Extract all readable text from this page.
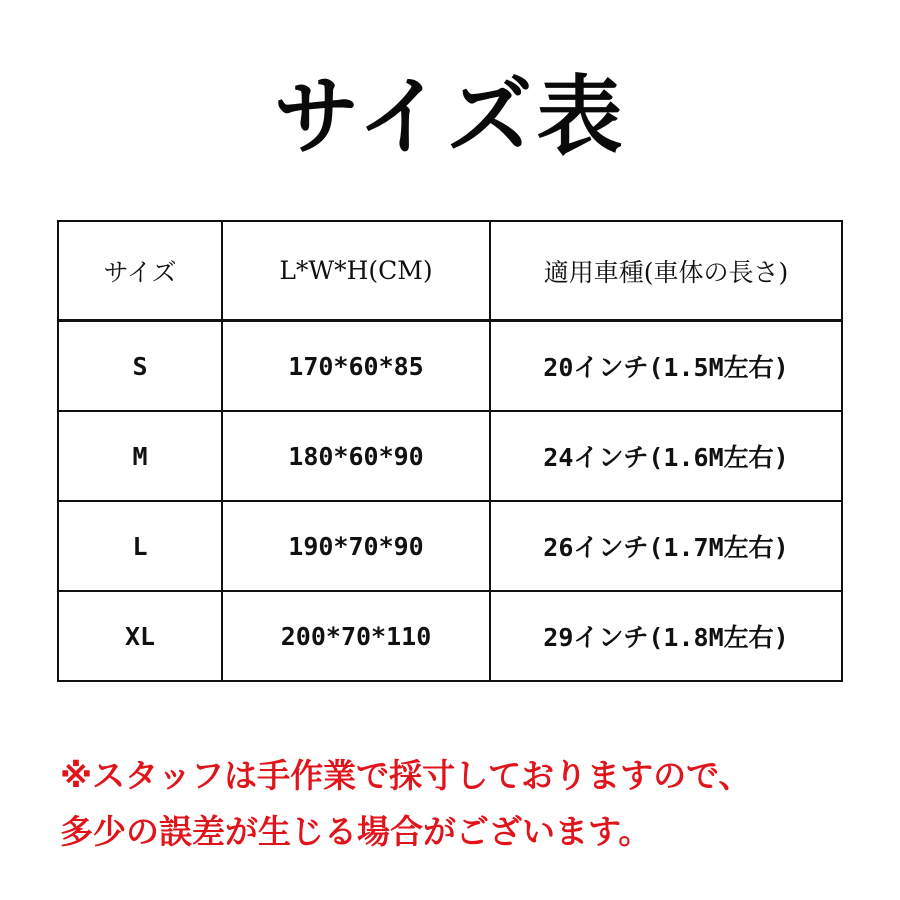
サイズ表
サイズ	L*W*H(CM)	適用車種(車体の長さ)
S	170*60*85	20インチ(1.5M左右)
M	180*60*90	24インチ(1.6M左右)
L	190*70*90	26インチ(1.7M左右)
XL	200*70*110	29インチ(1.8M左右)
※スタッフは手作業で採寸しておりますので、
多少の誤差が生じる場合がございます。
